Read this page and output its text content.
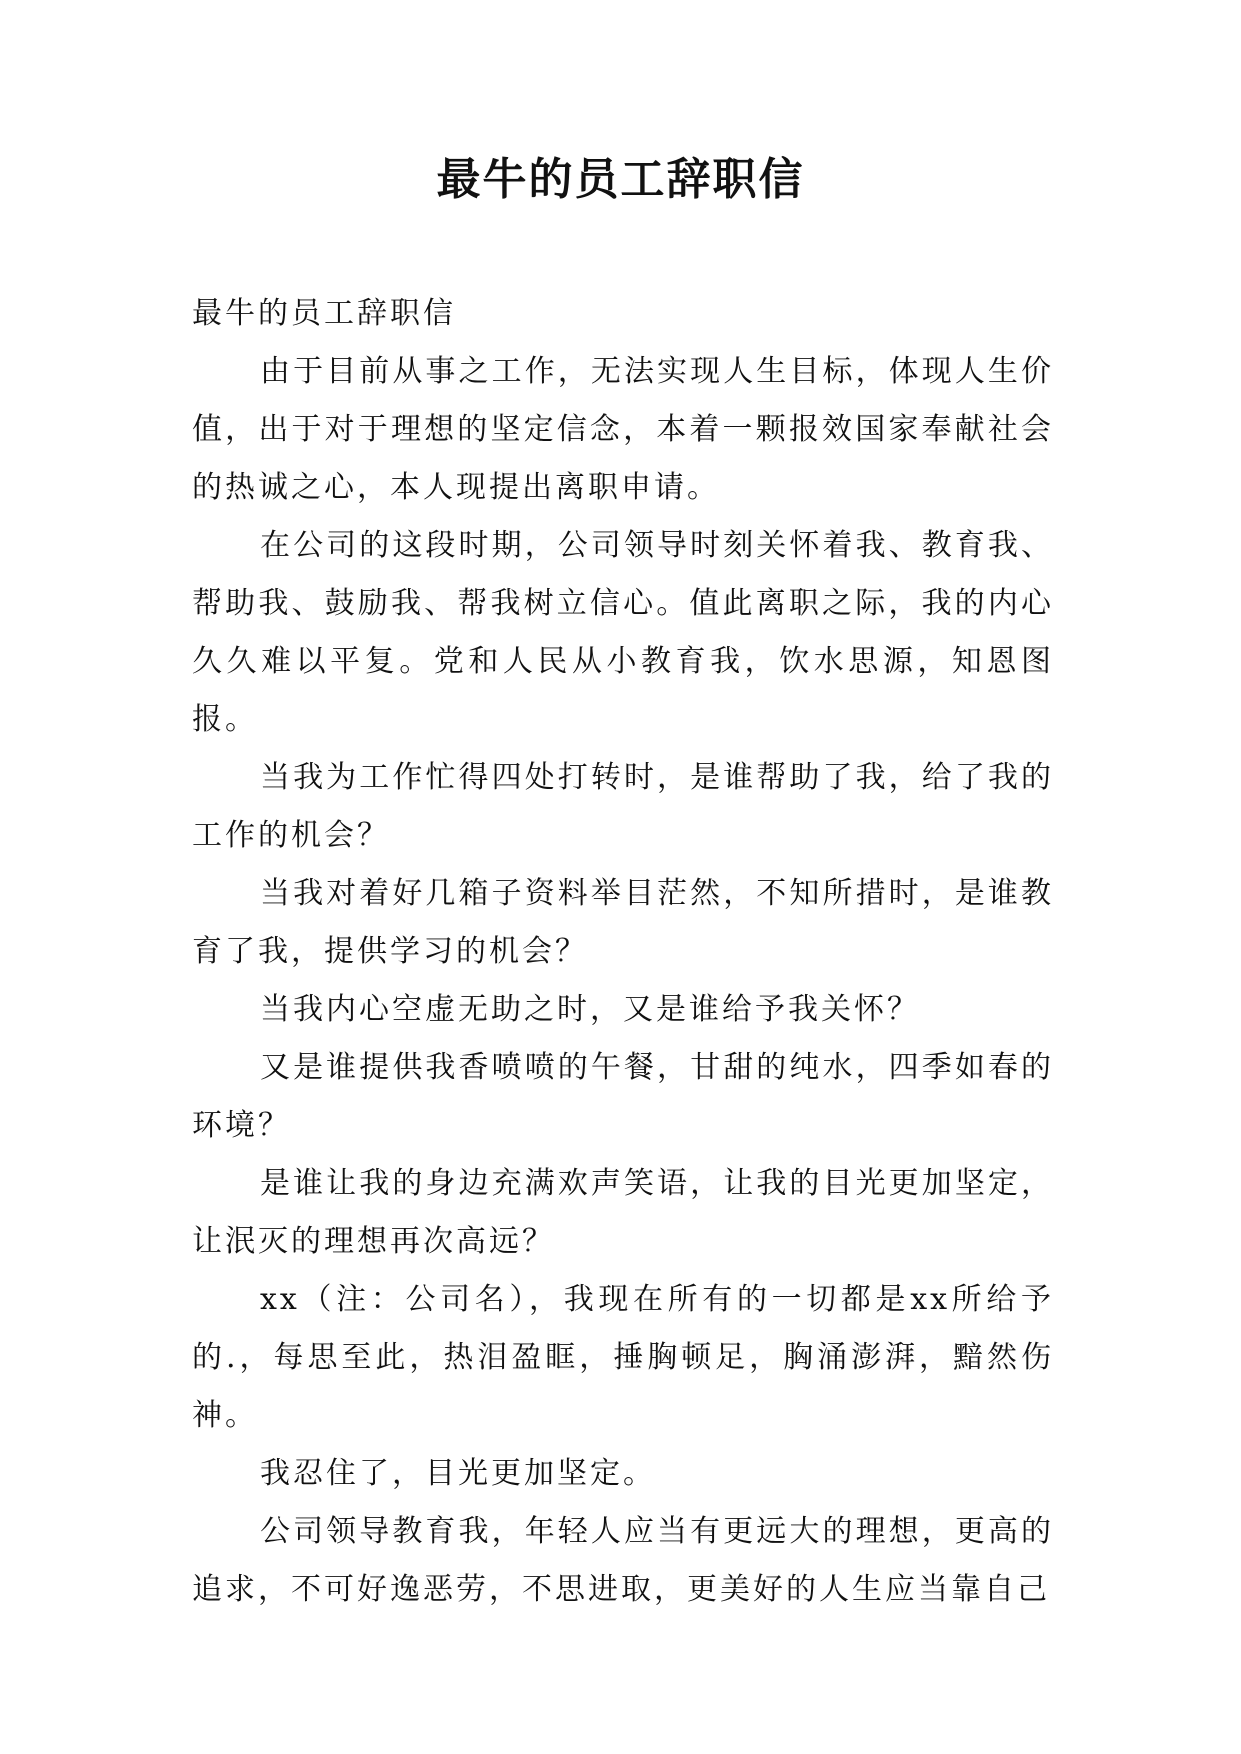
最牛的员工辞职信

最牛的员工辞职信

由于目前从事之工作，无法实现人生目标，体现人生价值，出于对于理想的坚定信念，本着一颗报效国家奉献社会的热诚之心，本人现提出离职申请。

在公司的这段时期，公司领导时刻关怀着我、教育我、帮助我、鼓励我、帮我树立信心。值此离职之际，我的内心久久难以平复。党和人民从小教育我，饮水思源，知恩图报。

当我为工作忙得四处打转时，是谁帮助了我，给了我的工作的机会？

当我对着好几箱子资料举目茫然，不知所措时，是谁教育了我，提供学习的机会？

当我内心空虚无助之时，又是谁给予我关怀？

又是谁提供我香喷喷的午餐，甘甜的纯水，四季如春的环境？

是谁让我的身边充满欢声笑语，让我的目光更加坚定，让泯灭的理想再次高远？

xx（注：公司名），我现在所有的一切都是xx所给予的.，每思至此，热泪盈眶，捶胸顿足，胸涌澎湃，黯然伤神。

我忍住了，目光更加坚定。

公司领导教育我，年轻人应当有更远大的理想，更高的追求，不可好逸恶劳，不思进取，更美好的人生应当靠自己
